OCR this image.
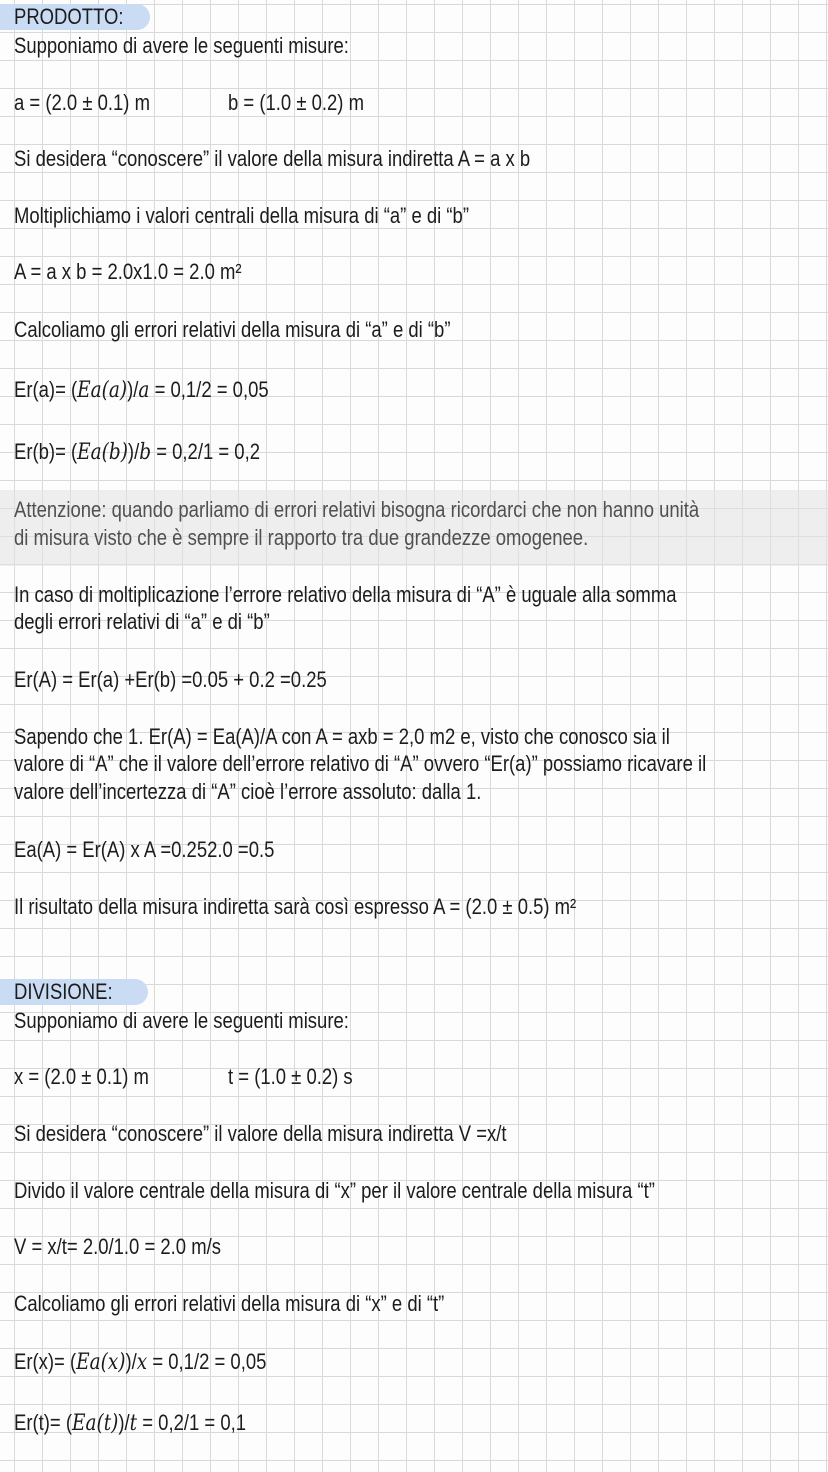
PRODOTTO:
Supponiamo di avere le seguenti misure:
a = (2.0 ± 0.1) m	b = (1.0 ± 0.2) m
Si desidera “conoscere” il valore della misura indiretta A = a x b
Moltiplichiamo i valori centrali della misura di “a” e di “b”
A = a x b = 2.0x1.0 = 2.0 m²
Calcoliamo gli errori relativi della misura di “a” e di “b”
Er(a)= (Ea(a))/a = 0,1/2 = 0,05
Er(b)= (Ea(b))/b = 0,2/1 = 0,2
Attenzione: quando parliamo di errori relativi bisogna ricordarci che non hanno unità
di misura visto che è sempre il rapporto tra due grandezze omogenee.
In caso di moltiplicazione l’errore relativo della misura di “A” è uguale alla somma
degli errori relativi di “a” e di “b”
Er(A) = Er(a) +Er(b) =0.05 + 0.2 =0.25
Sapendo che 1. Er(A) = Ea(A)/A con A = axb = 2,0 m2 e, visto che conosco sia il
valore di “A” che il valore dell’errore relativo di “A” ovvero “Er(a)” possiamo ricavare il
valore dell’incertezza di “A” cioè l’errore assoluto: dalla 1.
Ea(A) = Er(A) x A =0.252.0 =0.5
Il risultato della misura indiretta sarà così espresso A = (2.0 ± 0.5) m²
DIVISIONE:
Supponiamo di avere le seguenti misure:
x = (2.0 ± 0.1) m	t = (1.0 ± 0.2) s
Si desidera “conoscere” il valore della misura indiretta V =x/t
Divido il valore centrale della misura di “x” per il valore centrale della misura “t”
V = x/t= 2.0/1.0 = 2.0 m/s
Calcoliamo gli errori relativi della misura di “x” e di “t”
Er(x)= (Ea(x))/x = 0,1/2 = 0,05
Er(t)= (Ea(t))/t = 0,2/1 = 0,1
